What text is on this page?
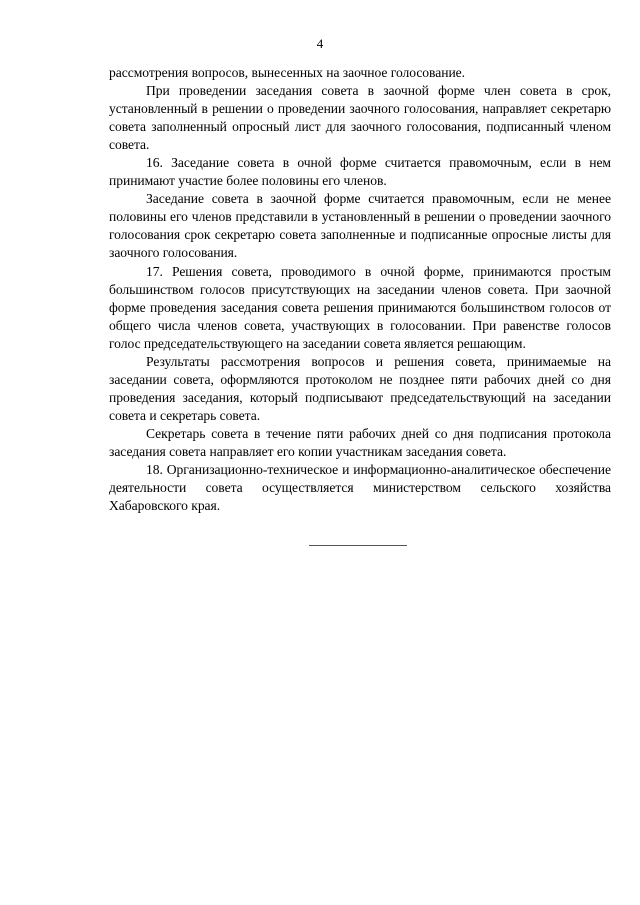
4

рассмотрения вопросов, вынесенных на заочное голосование.

При проведении заседания совета в заочной форме член совета в срок, установленный в решении о проведении заочного голосования, направляет секретарю совета заполненный опросный лист для заочного голосования, подписанный членом совета.

16. Заседание совета в очной форме считается правомочным, если в нем принимают участие более половины его членов.

Заседание совета в заочной форме считается правомочным, если не менее половины его членов представили в установленный в решении о проведении заочного голосования срок секретарю совета заполненные и подписанные опросные листы для заочного голосования.

17. Решения совета, проводимого в очной форме, принимаются простым большинством голосов присутствующих на заседании членов совета. При заочной форме проведения заседания совета решения принимаются большинством голосов от общего числа членов совета, участвующих в голосовании. При равенстве голосов голос председательствующего на заседании совета является решающим.

Результаты рассмотрения вопросов и решения совета, принимаемые на заседании совета, оформляются протоколом не позднее пяти рабочих дней со дня проведения заседания, который подписывают председательствующий на заседании совета и секретарь совета.

Секретарь совета в течение пяти рабочих дней со дня подписания протокола заседания совета направляет его копии участникам заседания совета.

18. Организационно-техническое и информационно-аналитическое обеспечение деятельности совета осуществляется министерством сельского хозяйства Хабаровского края.
